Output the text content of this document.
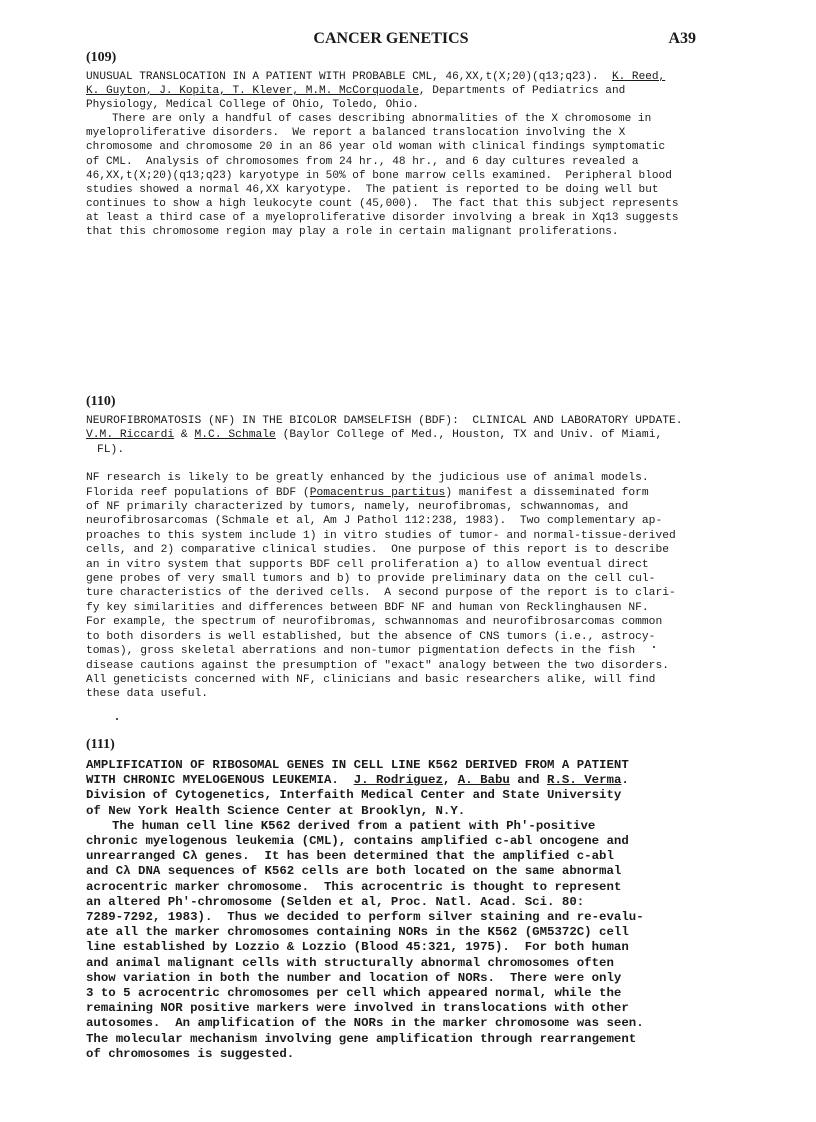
CANCER GENETICS	A39
(109)
UNUSUAL TRANSLOCATION IN A PATIENT WITH PROBABLE CML, 46,XX,t(X;20)(q13;q23). K. Reed,
K. Guyton, J. Kopita, T. Klever, M.M. McCorquodale, Departments of Pediatrics and
Physiology, Medical College of Ohio, Toledo, Ohio.
There are only a handful of cases describing abnormalities of the X chromosome in
myeloproliferative disorders.  We report a balanced translocation involving the X
chromosome and chromosome 20 in an 86 year old woman with clinical findings symptomatic
of CML.  Analysis of chromosomes from 24 hr., 48 hr., and 6 day cultures revealed a
46,XX,t(X;20)(q13;q23) karyotype in 50% of bone marrow cells examined.  Peripheral blood
studies showed a normal 46,XX karyotype.  The patient is reported to be doing well but
continues to show a high leukocyte count (45,000).  The fact that this subject represents
at least a third case of a myeloproliferative disorder involving a break in Xq13 suggests
that this chromosome region may play a role in certain malignant proliferations.
(110)
NEUROFIBROMATOSIS (NF) IN THE BICOLOR DAMSELFISH (BDF):  CLINICAL AND LABORATORY UPDATE.
V.M. Riccardi & M.C. Schmale (Baylor College of Med., Houston, TX and Univ. of Miami,
FL).
NF research is likely to be greatly enhanced by the judicious use of animal models.
Florida reef populations of BDF (Pomacentrus partitus) manifest a disseminated form
of NF primarily characterized by tumors, namely, neurofibromas, schwannomas, and
neurofibrosarcomas (Schmale et al, Am J Pathol 112:238, 1983).  Two complementary ap-
proaches to this system include 1) in vitro studies of tumor- and normal-tissue-derived
cells, and 2) comparative clinical studies.  One purpose of this report is to describe
an in vitro system that supports BDF cell proliferation a) to allow eventual direct
gene probes of very small tumors and b) to provide preliminary data on the cell cul-
ture characteristics of the derived cells.  A second purpose of the report is to clari-
fy key similarities and differences between BDF NF and human von Recklinghausen NF.
For example, the spectrum of neurofibromas, schwannomas and neurofibrosarcomas common
to both disorders is well established, but the absence of CNS tumors (i.e., astrocy-
tomas), gross skeletal aberrations and non-tumor pigmentation defects in the fish
disease cautions against the presumption of "exact" analogy between the two disorders.
All geneticists concerned with NF, clinicians and basic researchers alike, will find
these data useful.
(111)
AMPLIFICATION OF RIBOSOMAL GENES IN CELL LINE K562 DERIVED FROM A PATIENT
WITH CHRONIC MYELOGENOUS LEUKEMIA. J. Rodriguez, A. Babu and R.S. Verma.
Division of Cytogenetics, Interfaith Medical Center and State University
of New York Health Science Center at Brooklyn, N.Y.
The human cell line K562 derived from a patient with Ph'-positive
chronic myelogenous leukemia (CML), contains amplified c-abl oncogene and
unrearranged Cλ genes.  It has been determined that the amplified c-abl
and Cλ DNA sequences of K562 cells are both located on the same abnormal
acrocentric marker chromosome.  This acrocentric is thought to represent
an altered Ph'-chromosome (Selden et al, Proc. Natl. Acad. Sci. 80:
7289-7292, 1983).  Thus we decided to perform silver staining and re-evalu-
ate all the marker chromosomes containing NORs in the K562 (GM5372C) cell
line established by Lozzio & Lozzio (Blood 45:321, 1975).  For both human
and animal malignant cells with structurally abnormal chromosomes often
show variation in both the number and location of NORs.  There were only
3 to 5 acrocentric chromosomes per cell which appeared normal, while the
remaining NOR positive markers were involved in translocations with other
autosomes.  An amplification of the NORs in the marker chromosome was seen.
The molecular mechanism involving gene amplification through rearrangement
of chromosomes is suggested.
